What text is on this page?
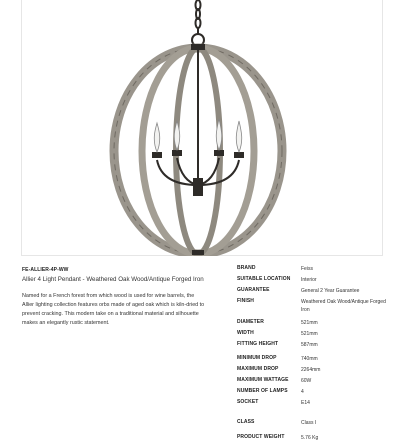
FE-ALLIER-4P-WW
Allier 4 Light Pendant - Weathered Oak Wood/Antique Forged Iron
Named for a French forest from which wood is used for wine barrels, the Allier lighting collection features orbs made of aged oak which is kiln-dried to prevent cracking. This modern take on a traditional material and silhouette makes an elegantly rustic statement.
BRAND	Feiss
SUITABLE LOCATION	Interior
GUARANTEE	General 2 Year Guarantee
FINISH	Weathered Oak Wood/Antique Forged Iron
DIAMETER	521mm
WIDTH	521mm
FITTING HEIGHT	587mm
MINIMUM DROP	740mm
MAXIMUM DROP	2264mm
MAXIMUM WATTAGE	60W
NUMBER OF LAMPS	4
SOCKET	E14
CLASS	Class I
PRODUCT WEIGHT	5.76 Kg
